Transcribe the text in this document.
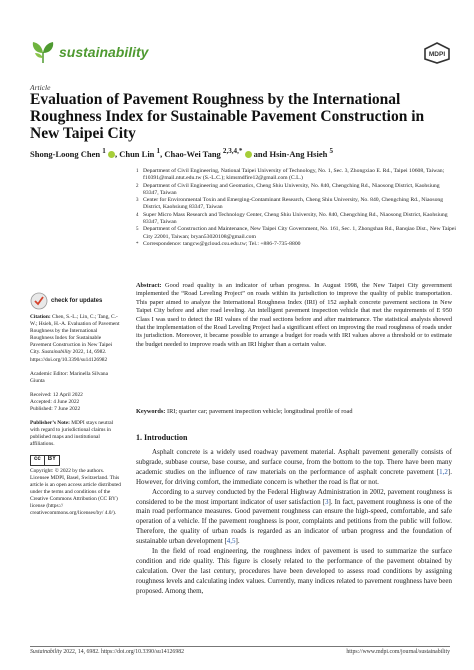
sustainability	MDPI
Article
Evaluation of Pavement Roughness by the International Roughness Index for Sustainable Pavement Construction in New Taipei City
Shong-Loong Chen $^1$ , Chun Lin $^1$, Chao-Wei Tang $^{2,3,4,*}$  and Hsin-Ang Hsieh $^5$
1 Department of Civil Engineering, National Taipei University of Technology, No. 1, Sec. 3, Zhongxiao E. Rd., Taipei 10608, Taiwan; f10391@mail.ntut.edu.tw (S.-L.C.); kimsmdfire12@gmail.com (C.L.)
2 Department of Civil Engineering and Geomatics, Cheng Shiu University, No. 840, Chengching Rd., Niaosong District, Kaohsiung 83347, Taiwan
3 Center for Environmental Toxin and Emerging-Contaminant Research, Cheng Shiu University, No. 840, Chengching Rd., Niaosong District, Kaohsiung 83347, Taiwan
4 Super Micro Mass Research and Technology Center, Cheng Shiu University, No. 840, Chengching Rd., Niaosong District, Kaohsiung 83347, Taiwan
5 Department of Construction and Maintenance, New Taipei City Government, No. 161, Sec. 1, Zhongshan Rd., Banqiao Dist., New Taipei City 22001, Taiwan; bryan53020108@gmail.com
* Correspondence: tangcw@gcloud.csu.edu.tw; Tel.: +886-7-735-8800
Abstract: Good road quality is an indicator of urban progress. In August 1998, the New Taipei City government implemented the “Road Leveling Project” on roads within its jurisdiction to improve the quality of public transportation. This paper aimed to analyze the International Roughness Index (IRI) of 152 asphalt concrete pavement sections in New Taipei City before and after road leveling. An intelligent pavement inspection vehicle that met the requirements of E 950 Class I was used to detect the IRI values of the road sections before and after maintenance. The statistical analysis showed that the implementation of the Road Leveling Project had a significant effect on improving the road roughness of roads under its jurisdiction. Moreover, it became possible to arrange a budget for roads with IRI values above a threshold or to estimate the budget needed to improve roads with an IRI higher than a certain value.
Keywords: IRI; quarter car; pavement inspection vehicle; longitudinal profile of road
check for updates
Citation: Chen, S.-L.; Lin, C.; Tang, C.-W.; Hsieh, H.-A. Evaluation of Pavement Roughness by the International Roughness Index for Sustainable Pavement Construction in New Taipei City. Sustainability 2022, 14, 6982. https://doi.org/10.3390/su14126982
Academic Editor: Marinella Silvana Giunta
Received: 12 April 2022
Accepted: 4 June 2022
Published: 7 June 2022
Publisher’s Note: MDPI stays neutral with regard to jurisdictional claims in published maps and institutional affiliations.
cc	BY
Copyright: © 2022 by the authors. Licensee MDPI, Basel, Switzerland. This article is an open access article distributed under the terms and conditions of the Creative Commons Attribution (CC BY) license (https:// creativecommons.org/licenses/by/ 4.0/).
1. Introduction

Asphalt concrete is a widely used roadway pavement material. Asphalt pavement generally consists of subgrade, subbase course, base course, and surface course, from the bottom to the top. There have been many academic studies on the influence of raw materials on the performance of asphalt concrete pavement [1,2]. However, for driving comfort, the immediate concern is whether the road is flat or not.

According to a survey conducted by the Federal Highway Administration in 2002, pavement roughness is considered to be the most important indicator of user satisfaction [3]. In fact, pavement roughness is one of the main road performance measures. Good pavement roughness can ensure the high-speed, comfortable, and safe operation of a vehicle. If the pavement roughness is poor, complaints and petitions from the public will follow. Therefore, the quality of urban roads is regarded as an indicator of urban progress and the foundation of sustainable urban development [4,5].

In the field of road engineering, the roughness index of pavement is used to summarize the surface condition and ride quality. This figure is closely related to the performance of the pavement obtained by calculation. Over the last century, procedures have been developed to assess road conditions by assigning roughness levels and calculating index values. Currently, many indices related to pavement roughness have been proposed. Among them,

Sustainability 2022, 14, 6982. https://doi.org/10.3390/su14126982	https://www.mdpi.com/journal/sustainability
